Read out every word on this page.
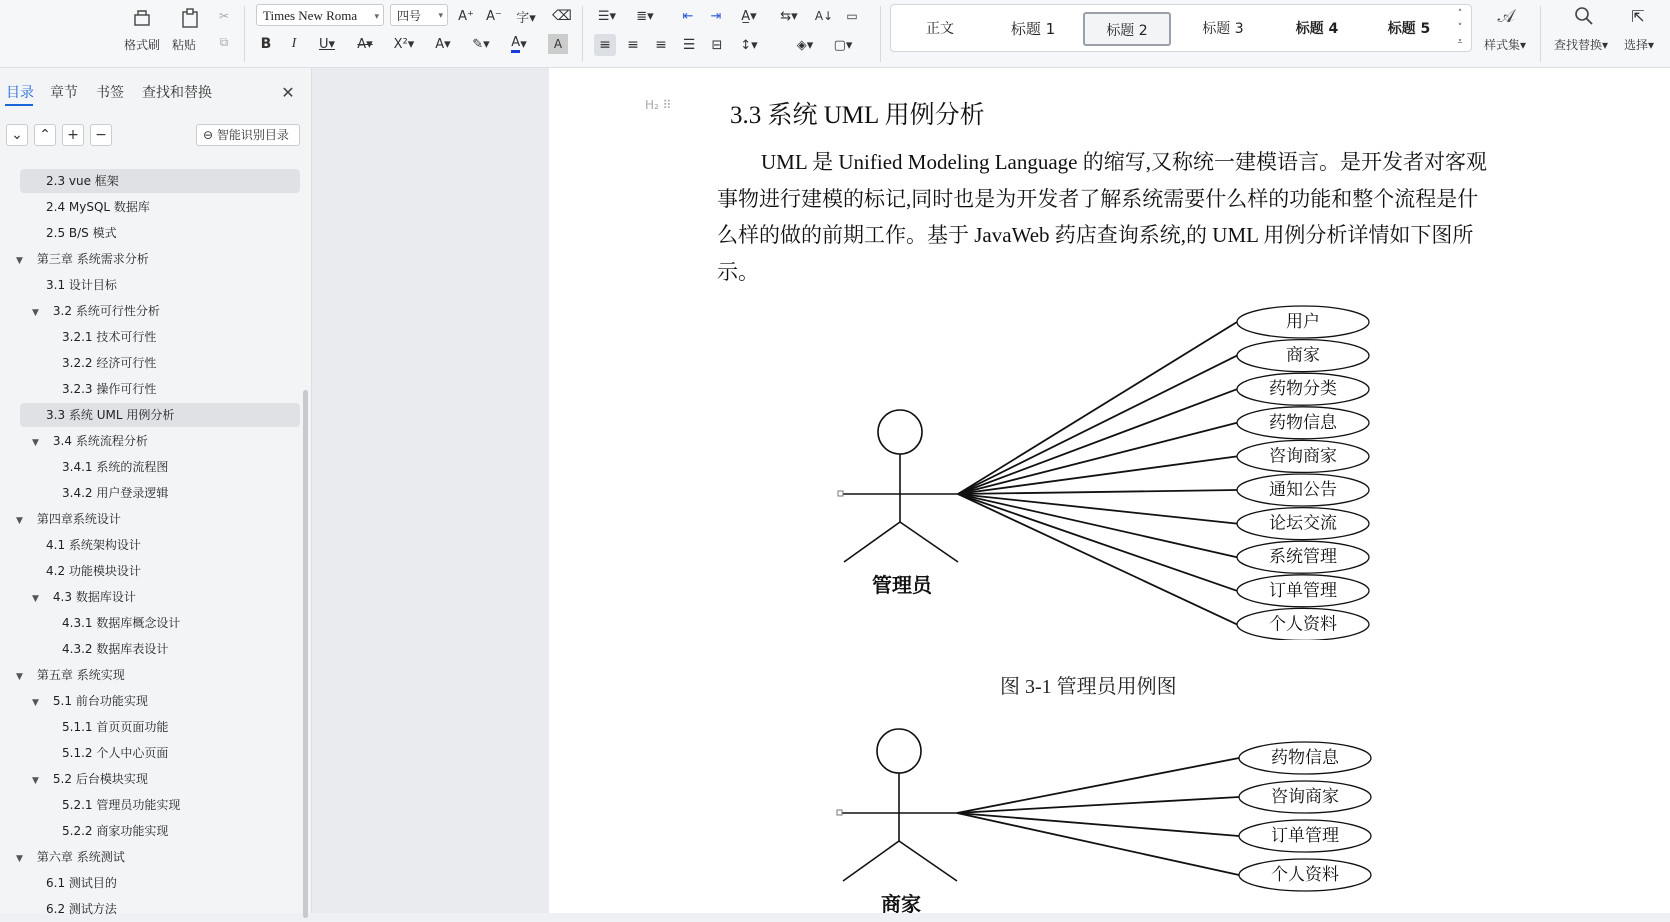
格式刷 粘贴
✂
⧉
Times New Roma ▾	四号 ▾ A⁺ A⁻	字▾	⌫
B	I	U▾	A▾	X²▾	A▾	✎▾	A ▾	A
☰▾	≣▾	⇤	⇥	A̲▾	⇆▾	A↓	▭
≡	≡	≡	☰	⊟	↕▾	◈▾	▢▾
正文	标题 1	标题 2	标题 3	标题 4	标题 5
˄
˅
⩡
𝒜
样式集▾ 查找替换▾
⇱
选择▾
目录 章节 书签 查找和替换	✕
⌄	⌃	+	−	⊖ 智能识别目录
2.3 vue 框架
2.4 MySQL 数据库
2.5 B/S 模式
▼ 第三章 系统需求分析
3.1 设计目标
▼ 3.2 系统可行性分析
3.2.1 技术可行性
3.2.2 经济可行性
3.2.3 操作可行性
3.3 系统 UML 用例分析
▼ 3.4 系统流程分析
3.4.1 系统的流程图
3.4.2 用户登录逻辑
▼ 第四章系统设计
4.1 系统架构设计
4.2 功能模块设计
▼ 4.3 数据库设计
4.3.1 数据库概念设计
4.3.2 数据库表设计
▼ 第五章 系统实现
▼ 5.1 前台功能实现
5.1.1 首页页面功能
5.1.2 个人中心页面
▼ 5.2 后台模块实现
5.2.1 管理员功能实现
5.2.2 商家功能实现
▼ 第六章 系统测试
6.1 测试目的
6.2 测试方法
H₂ ⠿ 3.3 系统 UML 用例分析
UML 是 Unified Modeling Language 的缩写,又称统一建模语言。是开发者对客观事物进行建模的标记,同时也是为开发者了解系统需要什么样的功能和整个流程是什么样的做的前期工作。基于 JavaWeb 药店查询系统,的 UML 用例分析详情如下图所示。
管理员
用户
商家
药物分类
药物信息
咨询商家
通知公告
论坛交流
系统管理
订单管理
个人资料
图 3-1 管理员用例图
商家
药物信息
咨询商家
订单管理
个人资料
